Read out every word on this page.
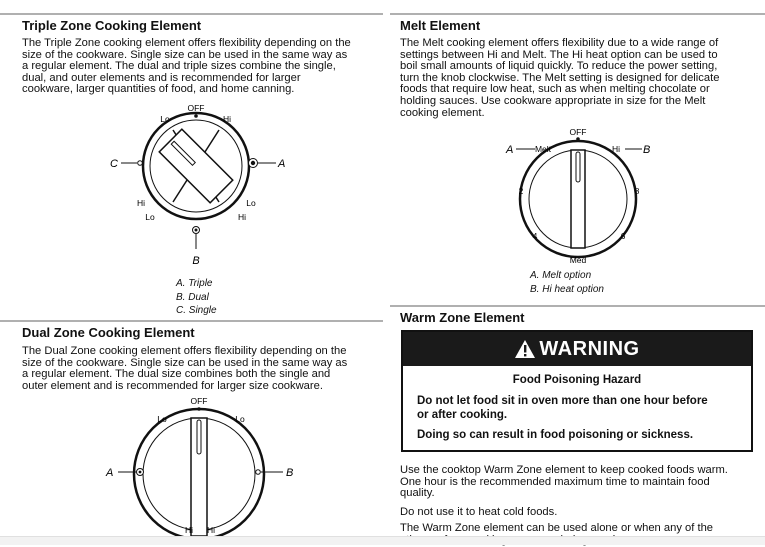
Triple Zone Cooking Element
The Triple Zone cooking element offers flexibility depending on the
size of the cookware. Single size can be used in the same way as
a regular element. The dual and triple sizes combine the single,
dual, and outer elements and is recommended for larger
cookware, larger quantities of food, and home canning.
OFF
Lo	Hi
Hi	Lo
Lo	Hi
C	A
B
A. Triple
B. Dual
C. Single
Dual Zone Cooking Element
The Dual Zone cooking element offers flexibility depending on the
size of the cookware. Single size can be used in the same way as
a regular element. The dual size combines both the single and
outer element and is recommended for larger size cookware.
OFF
Lo	Lo
Hi Hi
A	B
Melt Element
The Melt cooking element offers flexibility due to a wide range of
settings between Hi and Melt. The Hi heat option can be used to
boil small amounts of liquid quickly. To reduce the power setting,
turn the knob clockwise. The Melt setting is designed for delicate
foods that require low heat, such as when melting chocolate or
holding sauces. Use cookware appropriate in size for the Melt
cooking element.
OFF
Melt	Hi
2
4
Med
6
8
A	B
A. Melt option
B. Hi heat option
Warm Zone Element
WARNING
Food Poisoning Hazard
Do not let food sit in oven more than one hour before
or after cooking.
Doing so can result in food poisoning or sickness.
Use the cooktop Warm Zone element to keep cooked foods warm.
One hour is the recommended maximum time to maintain food
quality.
Do not use it to heat cold foods.
The Warm Zone element can be used alone or when any of the
